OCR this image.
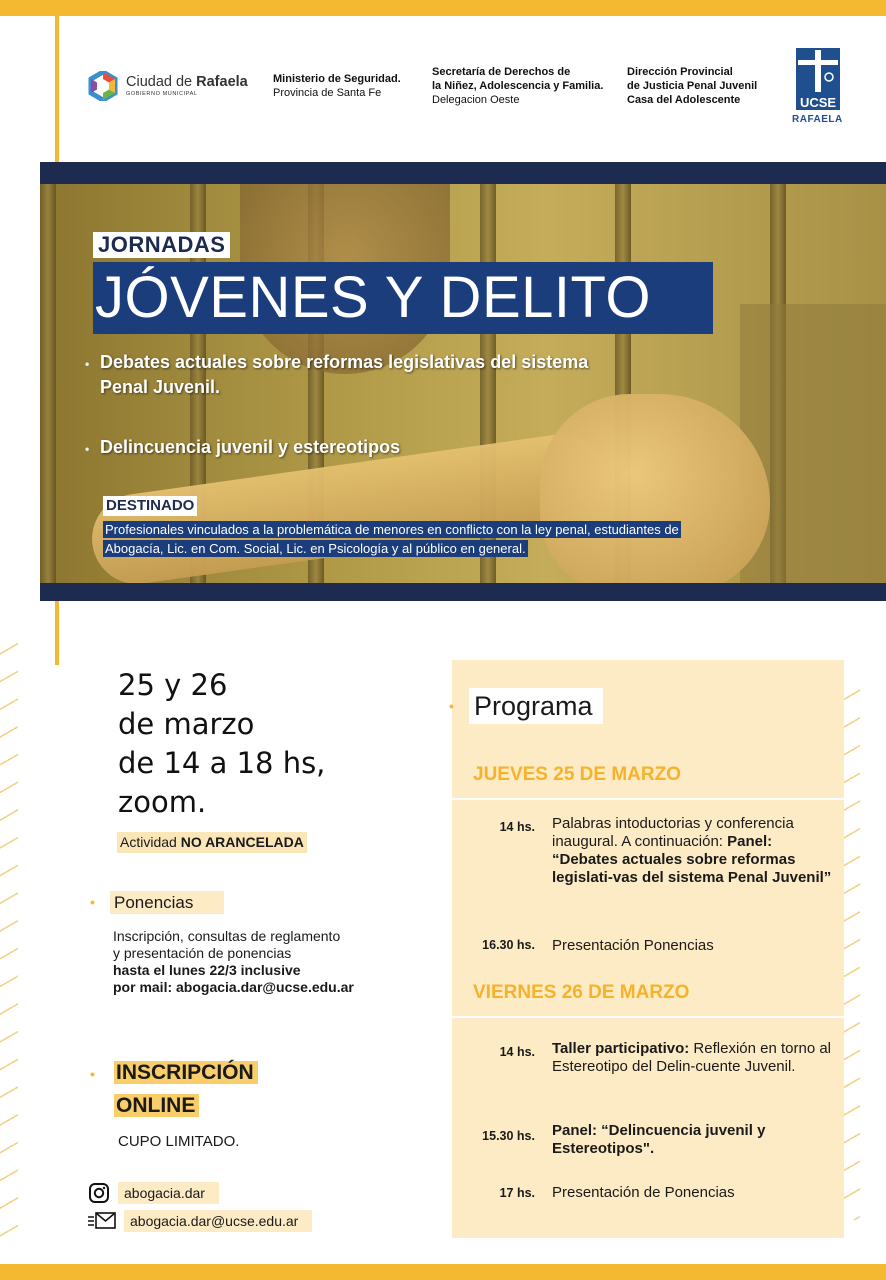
Ciudad de Rafaela
GOBIERNO MUNICIPAL
Ministerio de Seguridad.
Provincia de Santa Fe
Secretaría de Derechos de
la Niñez, Adolescencia y Familia.
Delegacion Oeste
Dirección Provincial
de Justicia Penal Juvenil
Casa del Adolescente	UCSE
RAFAELA
JORNADAS
JÓVENES Y DELITO
• Debates actuales sobre reformas legislativas del sistema Penal Juvenil.
• Delincuencia juvenil y estereotipos
DESTINADO
Profesionales vinculados a la problemática de menores en conflicto con la ley penal, estudiantes de Abogacía, Lic. en Com. Social, Lic. en Psicología y al público en general.
25 y 26
de marzo
de 14 a 18 hs,
zoom.
Actividad NO ARANCELADA
• Ponencias
Inscripción, consultas de reglamento
y presentación de ponencias
hasta el lunes 22/3 inclusive
por mail: abogacia.dar@ucse.edu.ar
• INSCRIPCIÓN
ONLINE
CUPO LIMITADO.
abogacia.dar
abogacia.dar@ucse.edu.ar
• Programa
JUEVES 25 DE MARZO
14 hs. Palabras intoductorias y conferencia inaugural. A continuación: Panel: “Debates actuales sobre reformas legislati-vas del sistema Penal Juvenil”
16.30 hs. Presentación Ponencias
VIERNES 26 DE MARZO
14 hs. Taller participativo: Reflexión en torno al Estereotipo del Delin-cuente Juvenil.
15.30 hs. Panel: “Delincuencia juvenil y Estereotipos".
17 hs. Presentación de Ponencias
